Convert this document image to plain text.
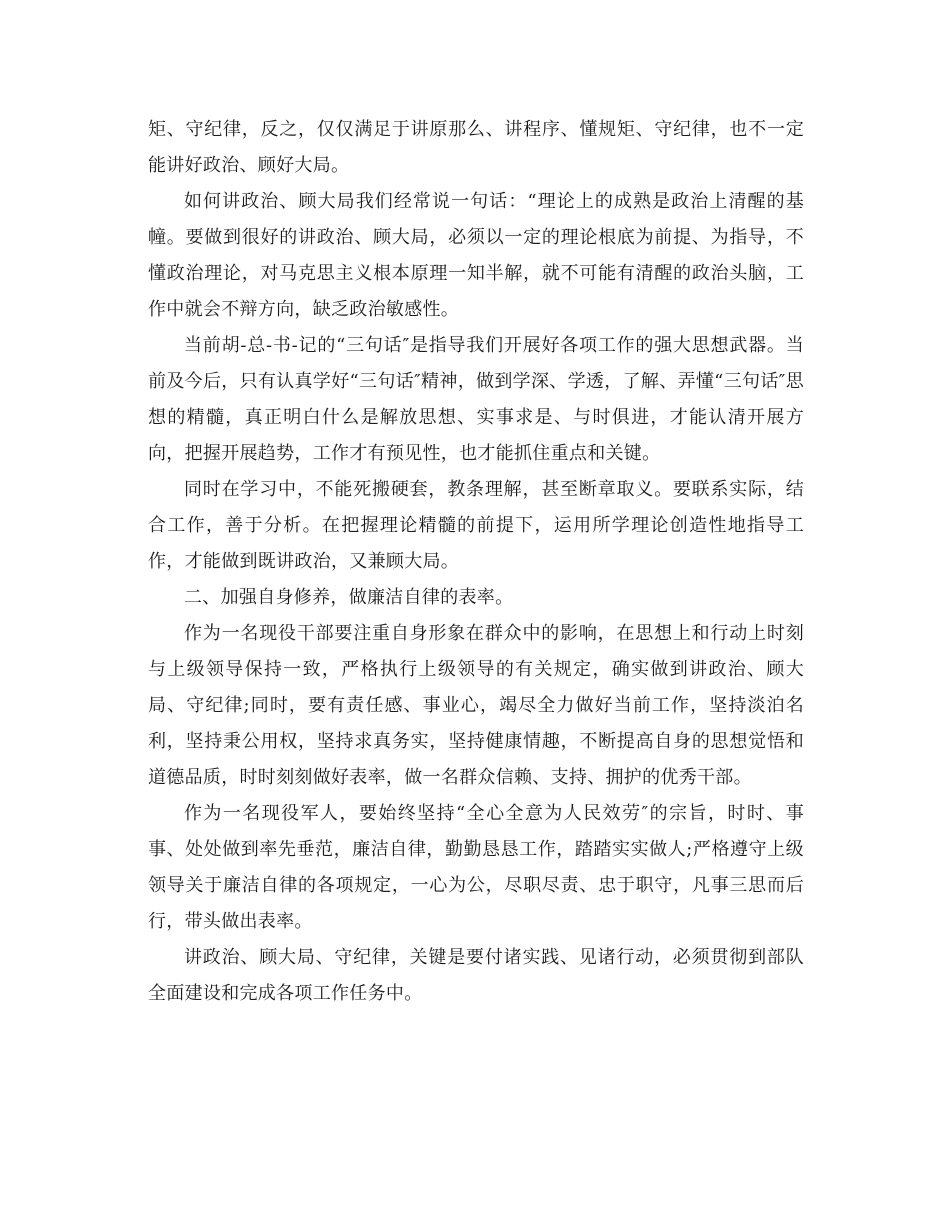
矩、守纪律，反之，仅仅满足于讲原那么、讲程序、懂规矩、守纪律，也不一定能讲好政治、顾好大局。

如何讲政治、顾大局我们经常说一句话：“理论上的成熟是政治上清醒的基幢。要做到很好的讲政治、顾大局，必须以一定的理论根底为前提、为指导，不懂政治理论，对马克思主义根本原理一知半解，就不可能有清醒的政治头脑，工作中就会不辩方向，缺乏政治敏感性。

当前胡-总-书-记的“三句话″是指导我们开展好各项工作的强大思想武器。当前及今后，只有认真学好“三句话″精神，做到学深、学透，了解、弄懂“三句话″思想的精髓，真正明白什么是解放思想、实事求是、与时俱进，才能认清开展方向，把握开展趋势，工作才有预见性，也才能抓住重点和关键。

同时在学习中，不能死搬硬套，教条理解，甚至断章取义。要联系实际，结合工作，善于分析。在把握理论精髓的前提下，运用所学理论创造性地指导工作，才能做到既讲政治，又兼顾大局。

二、加强自身修养，做廉洁自律的表率。

作为一名现役干部要注重自身形象在群众中的影响，在思想上和行动上时刻与上级领导保持一致，严格执行上级领导的有关规定，确实做到讲政治、顾大局、守纪律;同时，要有责任感、事业心，竭尽全力做好当前工作，坚持淡泊名利，坚持秉公用权，坚持求真务实，坚持健康情趣，不断提高自身的思想觉悟和道德品质，时时刻刻做好表率，做一名群众信赖、支持、拥护的优秀干部。

作为一名现役军人，要始终坚持“全心全意为人民效劳″的宗旨，时时、事事、处处做到率先垂范，廉洁自律，勤勤恳恳工作，踏踏实实做人;严格遵守上级领导关于廉洁自律的各项规定，一心为公，尽职尽责、忠于职守，凡事三思而后行，带头做出表率。

讲政治、顾大局、守纪律，关键是要付诸实践、见诸行动，必须贯彻到部队全面建设和完成各项工作任务中。
